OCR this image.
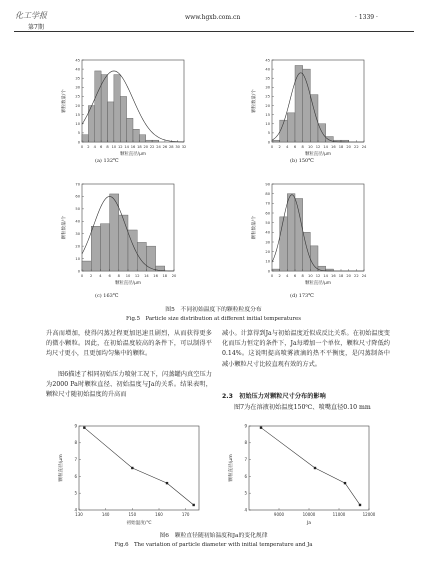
化工学报
第7期
www.hgxb.com.cn	· 1339 ·
0 2 4 6 8 10 12 14 16 18 20 22 24 26 28 30 32
0
5
10
15
20
25
30
35
40
45
颗粒直径/μm
颗粒数量/个
0 2 4 6 8 10 12 14 16 18 20 22 24
0
5
10
15
20
25
30
35
40
45
颗粒直径/μm
颗粒数量/个
0 2 4 6 8 10 12 14 16 18 20
0
10
20
30
40
50
60
70
颗粒直径/μm
颗粒数量/个
0 2 4 6 8 10 12 14 16 18 20 22 24
0
10
20
30
40
50
60
70
80
90
颗粒直径/μm
颗粒数量/个
(a) 132℃	(b) 150℃
(c) 163℃	(d) 173℃
图5　不同初始温度下的颗粒粒度分布
Fig.5　Particle size distribution at different initial temperatures
升高而增加，使得闪蒸过程更加迅速且剧烈，从而获得更多的微小颗粒。因此，在初始温度较高的条件下，可以制得平均尺寸更小，且更加均匀集中的颗粒。
图6描述了相同初始压力喷射工况下，闪蒸罐内真空压力为2000 Pa时颗粒直径、初始温度与Ja的关系。结果表明，颗粒尺寸随初始温度的升高而
减小。计算得到Ja与初始温度近似成反比关系。在初始温度变化而压力恒定的条件下，Ja每增加一个单位，颗粒尺寸降低约0.14%。这说明提高喷雾液滴的热不平衡度，是闪蒸制备中减小颗粒尺寸比较直观有效的方式。
2.3　初始压力对颗粒尺寸分布的影响
图7为在溶液初始温度150℃、喷嘴直径0.10 mm
130	140	150	160	170
4
5
6
7
8
9
初始温度/℃
颗粒直径/μm
9000	10000	11000	12000
4
5
6
7
8
9
Ja
颗粒直径/μm
图6　颗粒直径随初始温度和Ja的变化规律
Fig.6　The variation of particle diameter with initial temperature and Ja
